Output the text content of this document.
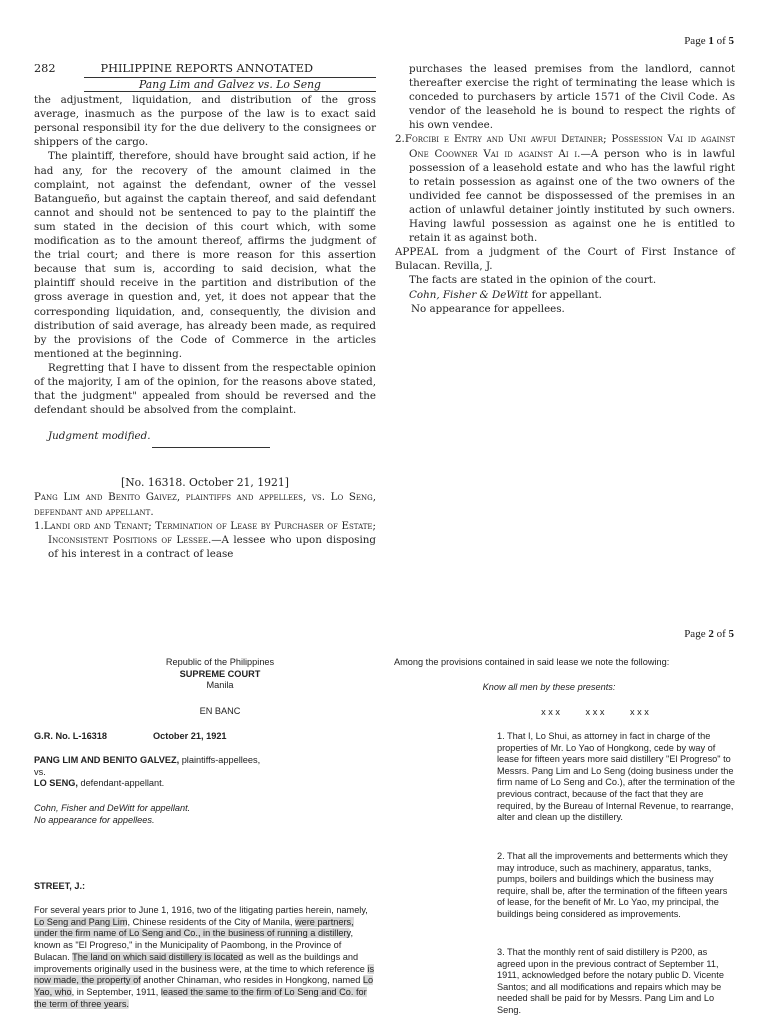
Page 1 of 5
282	PHILIPPINE REPORTS ANNOTATED
Pang Lim and Galvez vs. Lo Seng

the adjustment, liquidation, and distribution of the gross average, inasmuch as the purpose of the law is to exact said personal responsibil ity for the due delivery to the consignees or shippers of the cargo.

The plaintiff, therefore, should have brought said action, if he had any, for the recovery of the amount claimed in the complaint, not against the defendant, owner of the vessel Batangueño, but against the captain thereof, and said defendant cannot and should not be sentenced to pay to the plaintiff the sum stated in the decision of this court which, with some modification as to the amount thereof, affirms the judgment of the trial court; and there is more reason for this assertion because that sum is, according to said decision, what the plaintiff should receive in the partition and distribution of the gross average in question and, yet, it does not appear that the corresponding liquidation, and, consequently, the division and distribution of said average, has already been made, as required by the provisions of the Code of Commerce in the articles mentioned at the beginning.

Regretting that I have to dissent from the respectable opinion of the majority, I am of the opinion, for the reasons above stated, that the judgment" appealed from should be reversed and the defendant should be absolved from the complaint.

Judgment modified.
[No. 16318. October 21, 1921]

Pang Lim and Benito Gaivez, plaintiffs and appellees, vs. Lo Seng, defendant and appellant.

1.Landi ord and Tenant; Termination of Lease by Purchaser of Estate; Inconsistent Positions of Lessee.—A lessee who upon disposing of his interest in a contract of lease

purchases the leased premises from the landlord, cannot thereafter exercise the right of terminating the lease which is conceded to purchasers by article 1571 of the Civil Code. As vendor of the leasehold he is bound to respect the rights of his own vendee.

2.Forcibi e Entry and Uni awfui Detainer; Possession Vai id against One Coowner Vai id against Ai i.—A person who is in lawful possession of a leasehold estate and who has the lawful right to retain possession as against one of the two owners of the undivided fee cannot be dispossessed of the premises in an action of unlawful detainer jointly instituted by such owners. Having lawful possession as against one he is entitled to retain it as against both.

APPEAL from a judgment of the Court of First Instance of Bulacan. Revilla, J.

The facts are stated in the opinion of the court.

Cohn, Fisher & DeWitt for appellant.

No appearance for appellees.

Page 2 of 5
Republic of the Philippines
SUPREME COURT
Manila
EN BANC
G.R. No. L-16318	October 21, 1921
PANG LIM AND BENITO GALVEZ, plaintiffs-appellees,
vs.
LO SENG, defendant-appellant.
Cohn, Fisher and DeWitt for appellant.
No appearance for appellees.
STREET, J.:
For several years prior to June 1, 1916, two of the litigating parties herein, namely, Lo Seng and Pang Lim, Chinese residents of the City of Manila, were partners, under the firm name of Lo Seng and Co., in the business of running a distillery, known as "El Progreso," in the Municipality of Paombong, in the Province of Bulacan. The land on which said distillery is located as well as the buildings and improvements originally used in the business were, at the time to which reference is now made, the property of another Chinaman, who resides in Hongkong, named Lo Yao, who, in September, 1911, leased the same to the firm of Lo Seng and Co. for the term of three years.
Among the provisions contained in said lease we note the following:
Know all men by these presents:
x x x          x x x          x x x
1. That I, Lo Shui, as attorney in fact in charge of the properties of Mr. Lo Yao of Hongkong, cede by way of lease for fifteen years more said distillery "El Progreso" to Messrs. Pang Lim and Lo Seng (doing business under the firm name of Lo Seng and Co.), after the termination of the previous contract, because of the fact that they are required, by the Bureau of Internal Revenue, to rearrange, alter and clean up the distillery.
2. That all the improvements and betterments which they may introduce, such as machinery, apparatus, tanks, pumps, boilers and buildings which the business may require, shall be, after the termination of the fifteen years of lease, for the benefit of Mr. Lo Yao, my principal, the buildings being considered as improvements.
3. That the monthly rent of said distillery is P200, as agreed upon in the previous contract of September 11, 1911, acknowledged before the notary public D. Vicente Santos; and all modifications and repairs which may be needed shall be paid for by Messrs. Pang Lim and Lo Seng.
